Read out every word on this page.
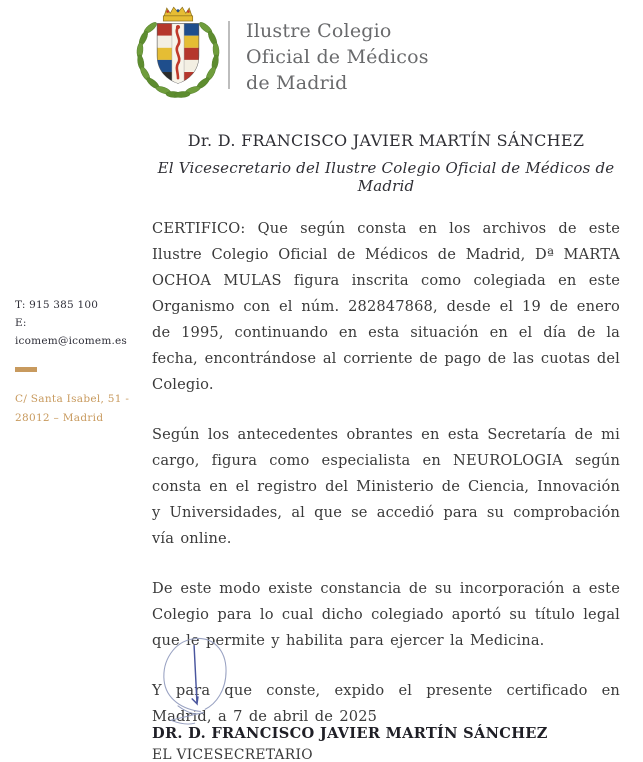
Ilustre Colegio
Oficial de Médicos
de Madrid
T: 915 385 100
E: icomem@icomem.es
C/ Santa Isabel, 51 -
28012 – Madrid
Dr. D. FRANCISCO JAVIER MARTÍN SÁNCHEZ
El Vicesecretario del Ilustre Colegio Oficial de Médicos de Madrid

CERTIFICO: Que según consta en los archivos de este Ilustre Colegio Oficial de Médicos de Madrid, Dª MARTA OCHOA MULAS figura inscrita como colegiada en este Organismo con el núm. 282847868, desde el 19 de enero de 1995, continuando en esta situación en el día de la fecha, encontrándose al corriente de pago de las cuotas del Colegio.

Según los antecedentes obrantes en esta Secretaría de mi cargo, figura como especialista en NEUROLOGIA según consta en el registro del Ministerio de Ciencia, Innovación y Universidades, al que se accedió para su comprobación vía online.

De este modo existe constancia de su incorporación a este Colegio para lo cual dicho colegiado aportó su título legal que le permite y habilita para ejercer la Medicina.

Y para que conste, expido el presente certificado en Madrid, a 7 de abril de 2025

DR. D. FRANCISCO JAVIER MARTÍN SÁNCHEZ
EL VICESECRETARIO
